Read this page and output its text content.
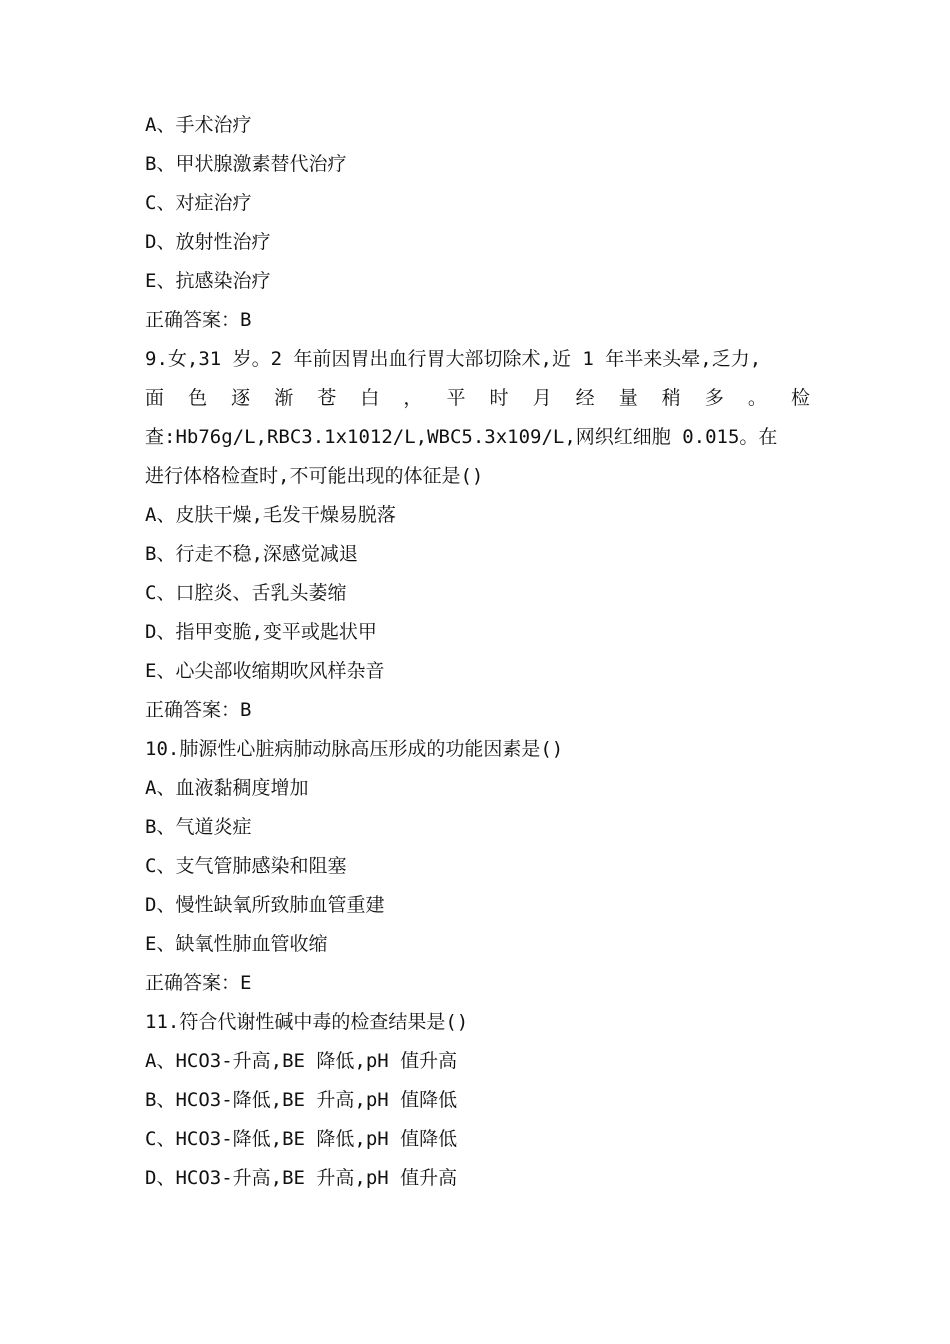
A、手术治疗
B、甲状腺激素替代治疗
C、对症治疗
D、放射性治疗
E、抗感染治疗
正确答案：B
9.女,31 岁。2 年前因胃出血行胃大部切除术,近 1 年半来头晕,乏力,
面 色 逐 渐 苍 白 ， 平 时 月 经 量 稍 多 。 检
查:Hb76g/L,RBC3.1x1012/L,WBC5.3x109/L,网织红细胞 0.015。在
进行体格检查时,不可能出现的体征是()
A、皮肤干燥,毛发干燥易脱落
B、行走不稳,深感觉减退
C、口腔炎、舌乳头萎缩
D、指甲变脆,变平或匙状甲
E、心尖部收缩期吹风样杂音
正确答案：B
10.肺源性心脏病肺动脉高压形成的功能因素是()
A、血液黏稠度增加
B、气道炎症
C、支气管肺感染和阻塞
D、慢性缺氧所致肺血管重建
E、缺氧性肺血管收缩
正确答案：E
11.符合代谢性碱中毒的检查结果是()
A、HCO3-升高,BE 降低,pH 值升高
B、HCO3-降低,BE 升高,pH 值降低
C、HCO3-降低,BE 降低,pH 值降低
D、HCO3-升高,BE 升高,pH 值升高
